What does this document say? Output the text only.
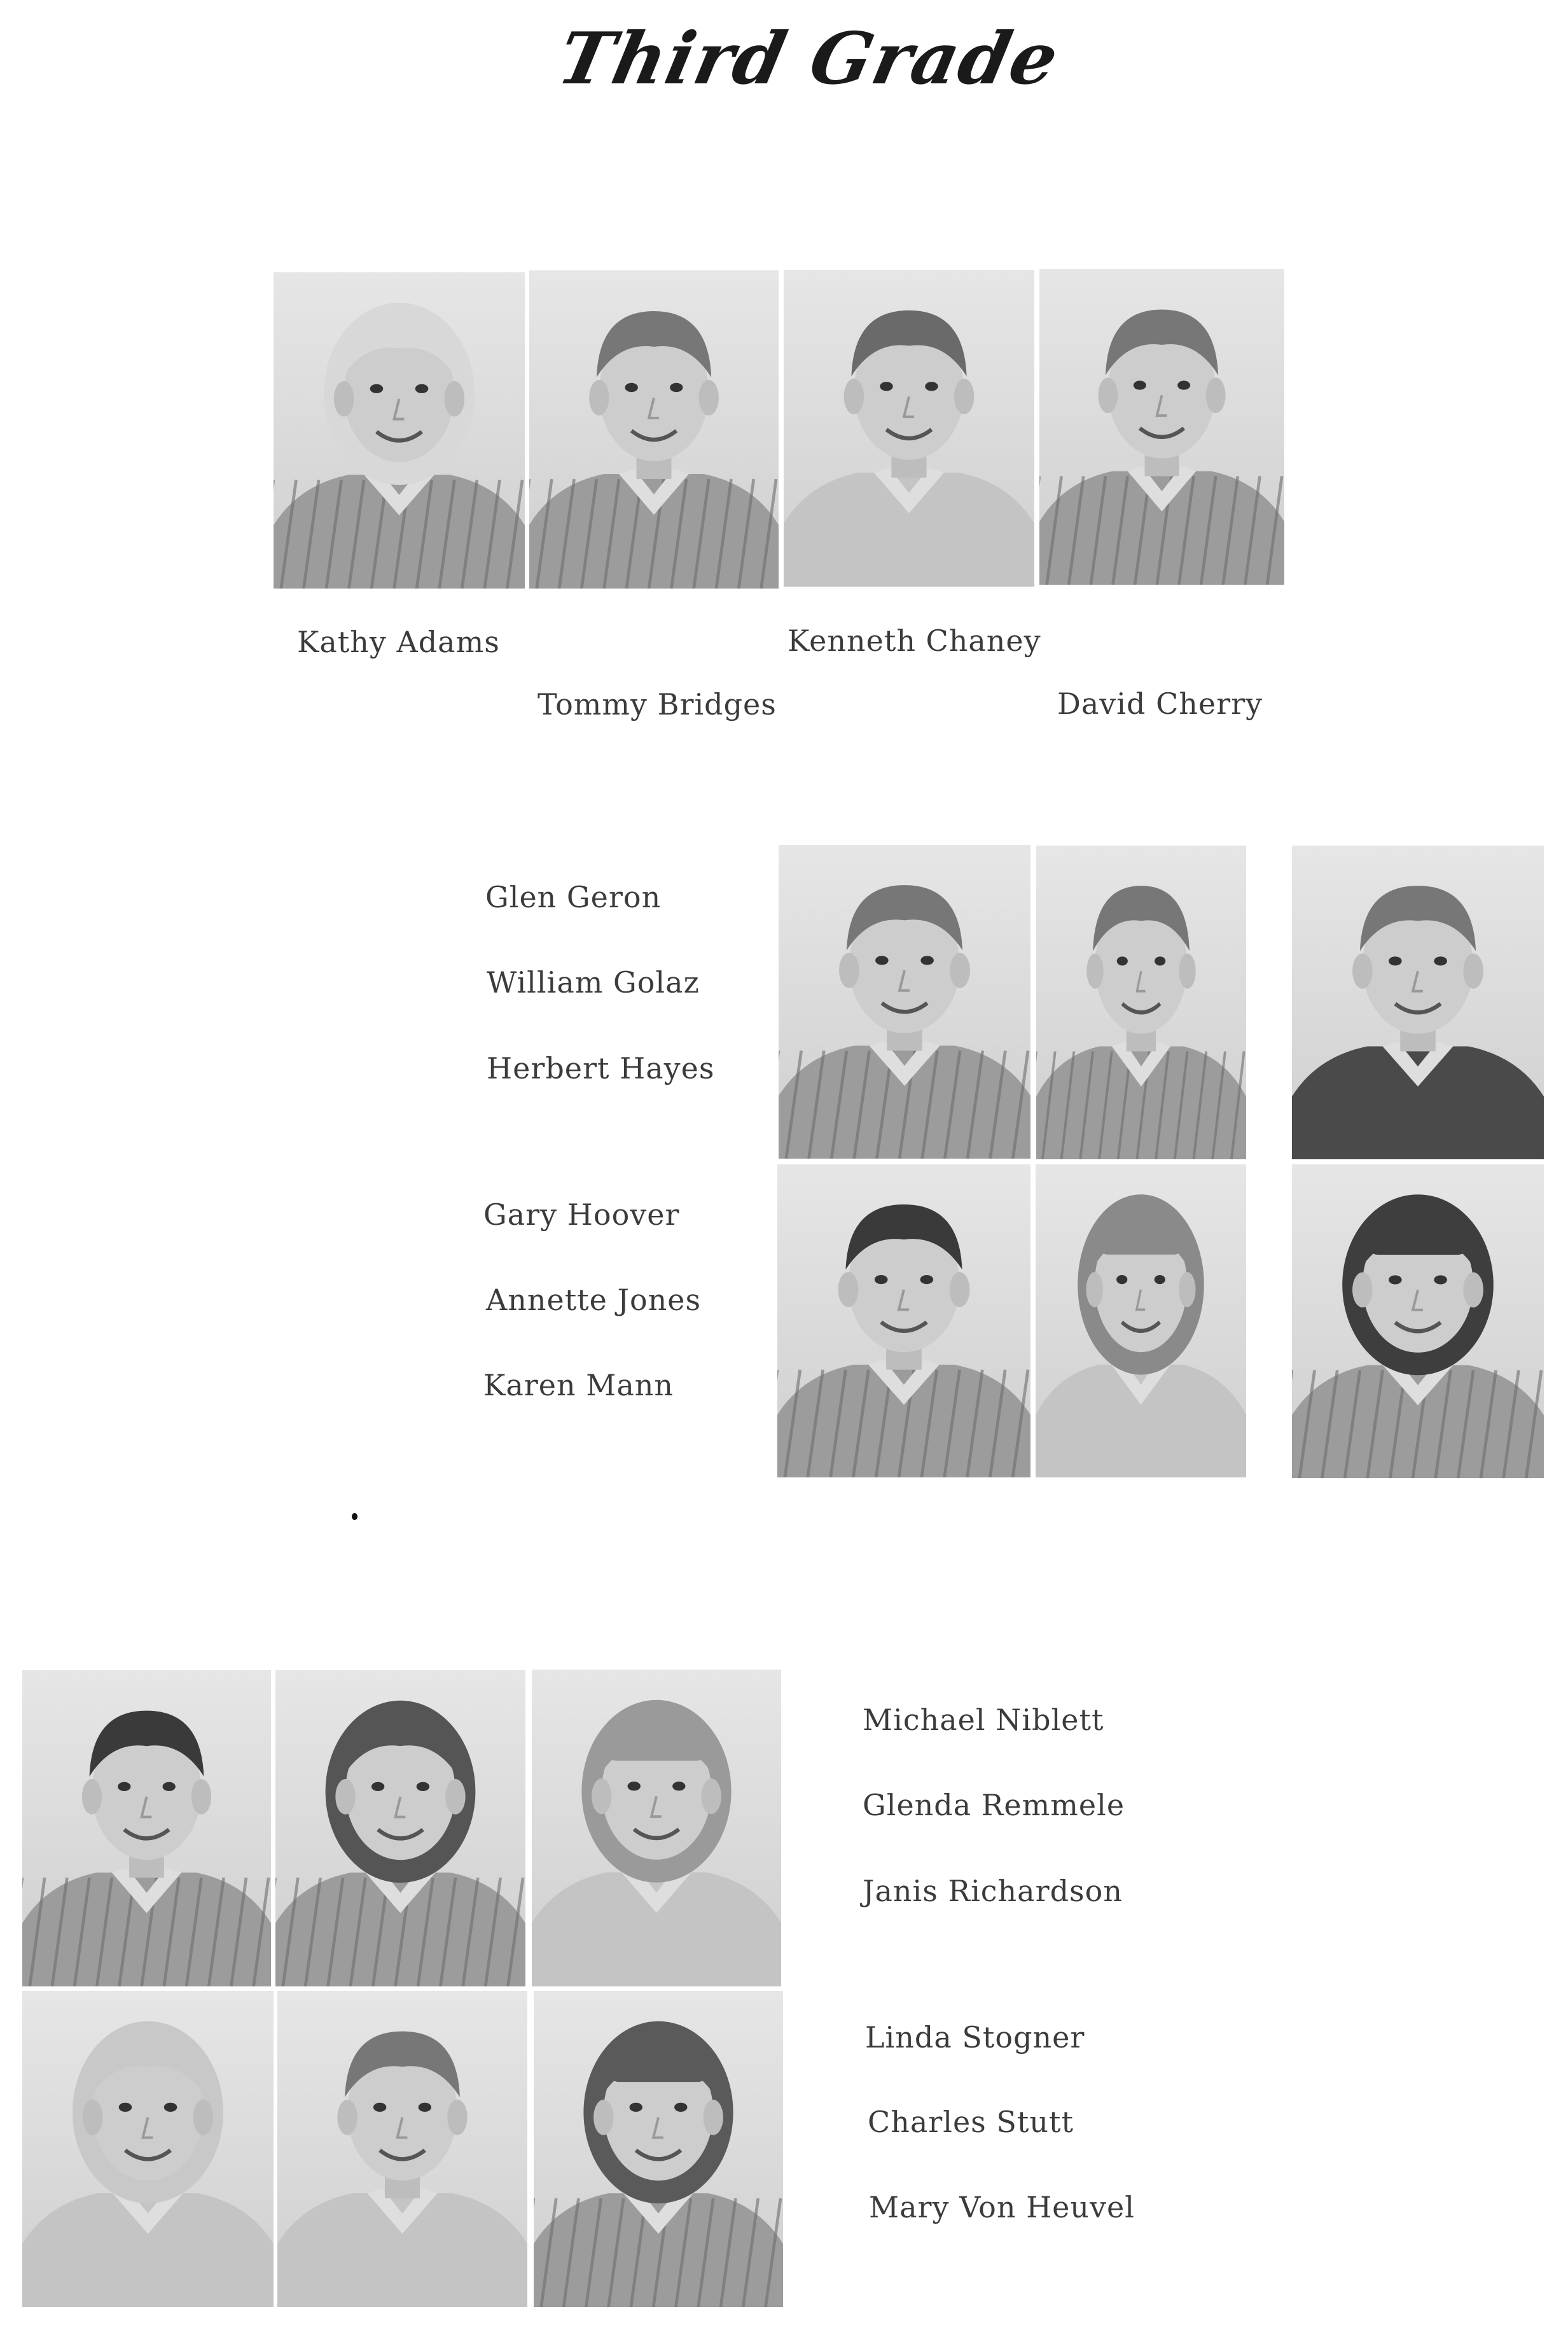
Third Grade
Kathy Adams
Tommy Bridges
Kenneth Chaney
David Cherry
Glen Geron
William Golaz
Herbert Hayes
Gary Hoover
Annette Jones
Karen Mann
Michael Niblett
Glenda Remmele
Janis Richardson
Linda Stogner
Charles Stutt
Mary Von Heuvel
